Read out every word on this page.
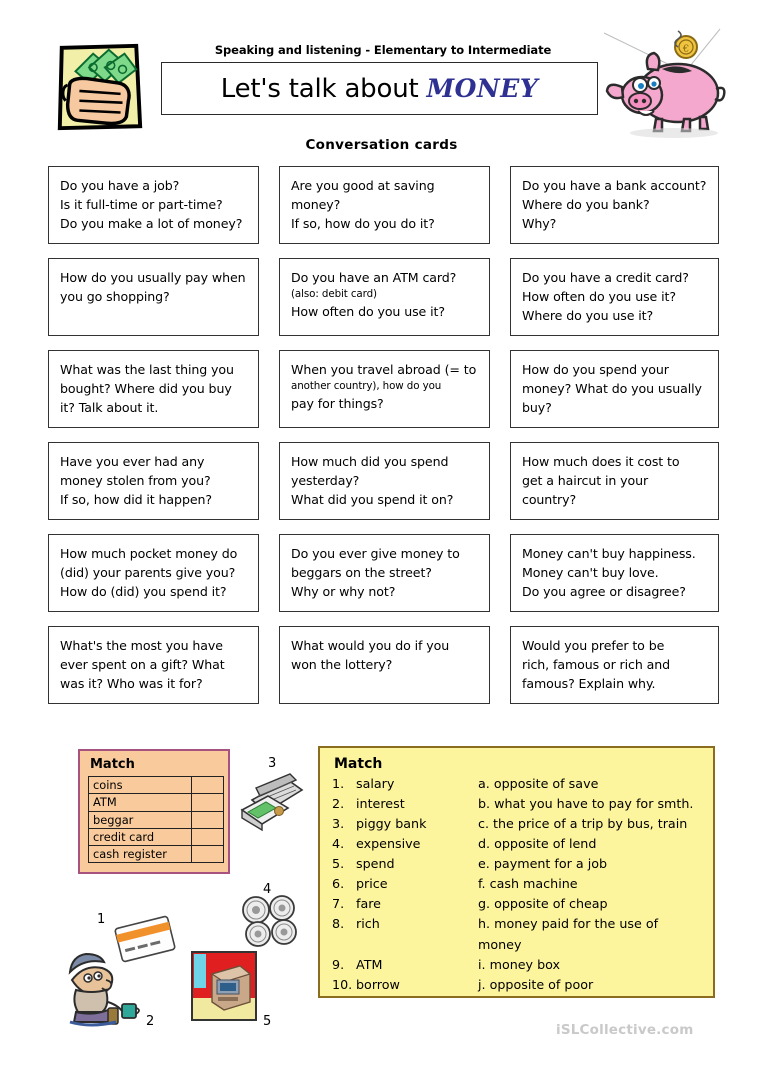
Speaking and listening - Elementary to Intermediate
Let's talk about MONEY
€
Conversation cards
Do you have a job?
Is it full-time or part-time?
Do you make a lot of money?
Are you good at saving
money?
If so, how do you do it?
Do you have a bank account?
Where do you bank?
Why?
How do you usually pay when
you go shopping?
Do you have an ATM card?
(also: debit card)
How often do you use it?
Do you have a credit card?
How often do you use it?
Where do you use it?
What was the last thing you
bought? Where did you buy
it? Talk about it.
When you travel abroad (= to
another country), how do you
pay for things?
How do you spend your
money? What do you usually
buy?
Have you ever had any
money stolen from you?
If so, how did it happen?
How much did you spend
yesterday?
What did you spend it on?
How much does it cost to
get a haircut in your
country?
How much pocket money do
(did) your parents give you?
How do (did) you spend it?
Do you ever give money to
beggars on the street?
Why or why not?
Money can't buy happiness.
Money can't buy love.
Do you agree or disagree?
What's the most you have
ever spent on a gift? What
was it? Who was it for?
What would you do if you
won the lottery?
Would you prefer to be
rich, famous or rich and
famous? Explain why.
Match
coins	
ATM	
beggar	
credit card	
cash register	
3
4
1
2	5
Match
1. salary	a. opposite of save
2. interest	b. what you have to pay for smth.
3. piggy bank	c. the price of a trip by bus, train
4. expensive	d. opposite of lend
5. spend	e. payment for a job
6. price	f. cash machine
7. fare	g. opposite of cheap
8. rich	h. money paid for the use of money
9. ATM	i. money box
10. borrow	j. opposite of poor
iSLCollective.com
